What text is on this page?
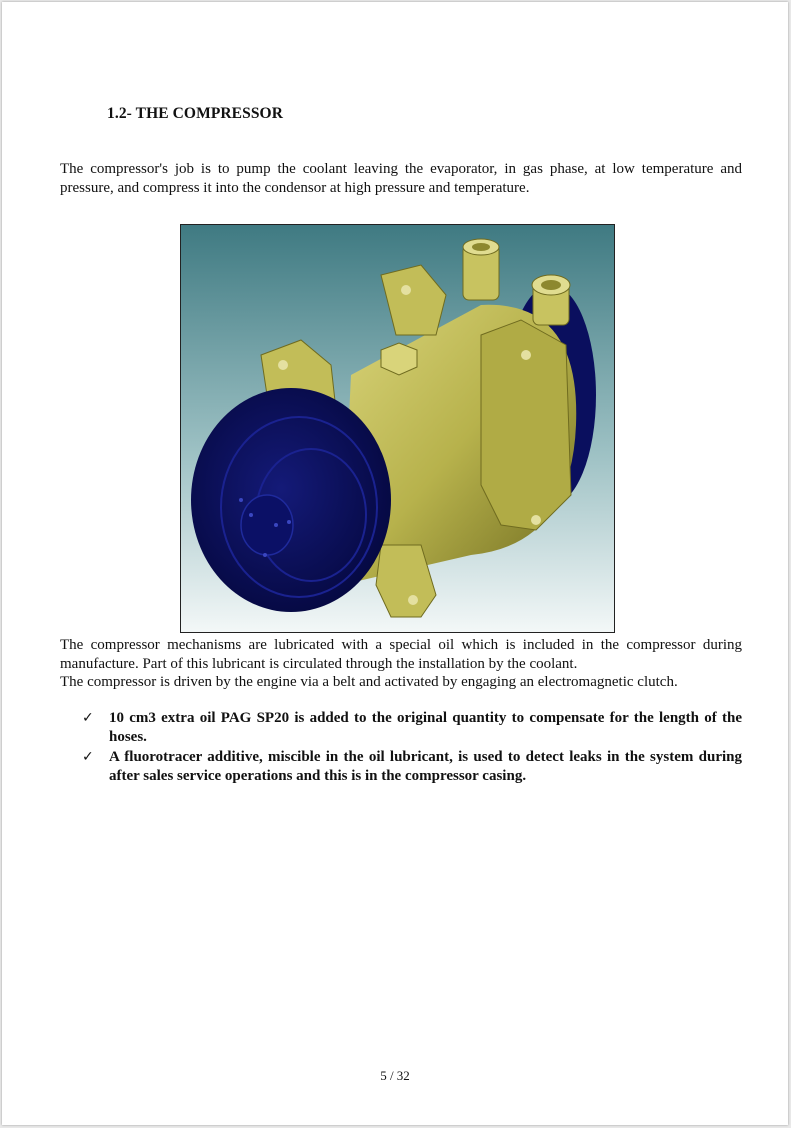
1.2- THE COMPRESSOR

The compressor's job is to pump the coolant leaving the evaporator, in gas phase, at low temperature and pressure, and compress it into the condensor at high pressure and temperature.

The compressor mechanisms are lubricated with a special oil which is included in the compressor during manufacture. Part of this lubricant is circulated through the installation by the coolant.

The compressor is driven by the engine via a belt and activated by engaging an electromagnetic clutch.

✓ 10 cm3 extra oil PAG SP20 is added to the original quantity to compensate for the length of the hoses.
✓ A fluorotracer additive, miscible in the oil lubricant, is used to detect leaks in the system during after sales service operations and this is in the compressor casing.
5 / 32
